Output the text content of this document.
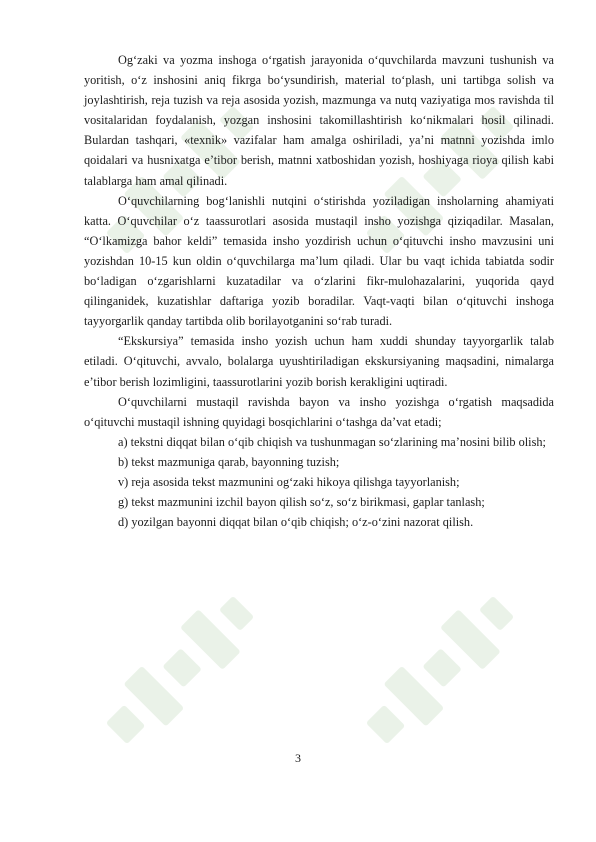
Og‘zaki va yozma inshoga o‘rgatish jarayonida o‘quvchilarda mavzuni tushunish va yoritish, o‘z inshosini aniq fikrga bo‘ysundirish, material to‘plash, uni tartibga solish va joylashtirish, reja tuzish va reja asosida yozish, mazmunga va nutq vaziyatiga mos ravishda til vositalaridan foydalanish, yozgan inshosini takomillashtirish ko‘nikmalari hosil qilinadi. Bulardan tashqari, «texnik» vazifalar ham amalga oshiriladi, ya’ni matnni yozishda imlo qoidalari va husnixatga e’tibor berish, matnni xatboshidan yozish, hoshiyaga rioya qilish kabi talablarga ham amal qilinadi.

O‘quvchilarning bog‘lanishli nutqini o‘stirishda yoziladigan insholarning ahamiyati katta. O‘quvchilar o‘z taassurotlari asosida mustaqil insho yozishga qiziqadilar. Masalan, “O‘lkamizga bahor keldi” temasida insho yozdirish uchun o‘qituvchi insho mavzusini uni yozishdan 10-15 kun oldin o‘quvchilarga ma’lum qiladi. Ular bu vaqt ichida tabiatda sodir bo‘ladigan o‘zgarishlarni kuzatadilar va o‘zlarini fikr-mulohazalarini, yuqorida qayd qilinganidek, kuzatishlar daftariga yozib boradilar. Vaqt-vaqti bilan o‘qituvchi inshoga tayyorgarlik qanday tartibda olib borilayotganini so‘rab turadi.

“Ekskursiya” temasida insho yozish uchun ham xuddi shunday tayyorgarlik talab etiladi. O‘qituvchi, avvalo, bolalarga uyushtiriladigan ekskursiyaning maqsadini, nimalarga e’tibor berish lozimligini, taassurotlarini yozib borish kerakligini uqtiradi.

O‘quvchilarni mustaqil ravishda bayon va insho yozishga o‘rgatish maqsadida o‘qituvchi mustaqil ishning quyidagi bosqichlarini o‘tashga da’vat etadi;

a) tekstni diqqat bilan o‘qib chiqish va tushunmagan so‘zlarining ma’nosini bilib olish;

b) tekst mazmuniga qarab, bayonning tuzish;

v) reja asosida tekst mazmunini og‘zaki hikoya qilishga tayyorlanish;

g) tekst mazmunini izchil bayon qilish so‘z, so‘z birikmasi, gaplar tanlash;

d) yozilgan bayonni diqqat bilan o‘qib chiqish; o‘z-o‘zini nazorat qilish.

3
